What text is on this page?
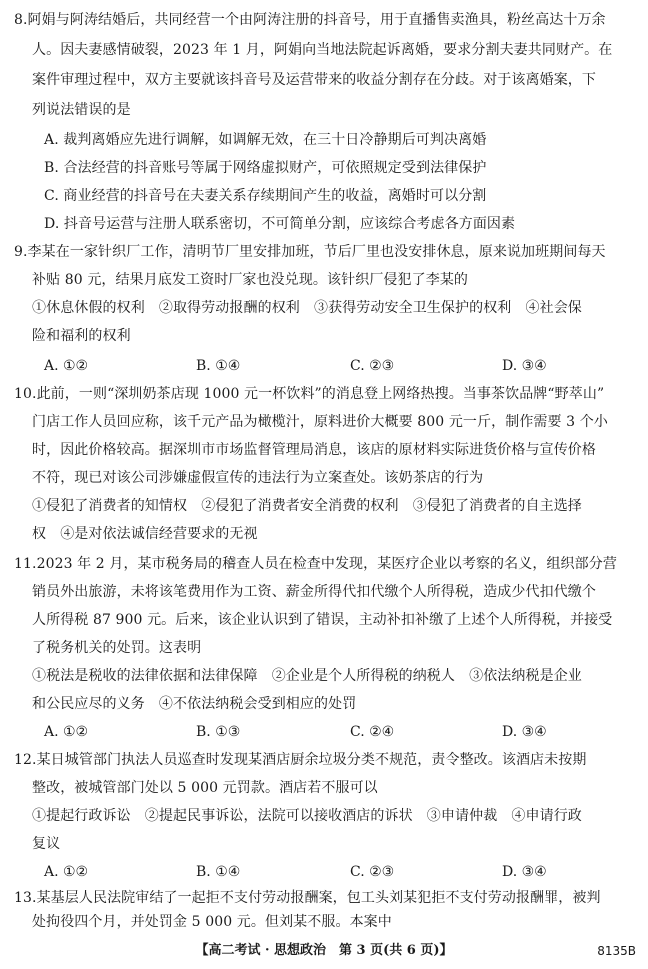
8.阿娟与阿涛结婚后，共同经营一个由阿涛注册的抖音号，用于直播售卖渔具，粉丝高达十万余
人。因夫妻感情破裂，2023 年 1 月，阿娟向当地法院起诉离婚，要求分割夫妻共同财产。在
案件审理过程中，双方主要就该抖音号及运营带来的收益分割存在分歧。对于该离婚案，下
列说法错误的是
A. 裁判离婚应先进行调解，如调解无效，在三十日冷静期后可判决离婚
B. 合法经营的抖音账号等属于网络虚拟财产，可依照规定受到法律保护
C. 商业经营的抖音号在夫妻关系存续期间产生的收益，离婚时可以分割
D. 抖音号运营与注册人联系密切，不可简单分割，应该综合考虑各方面因素
9.李某在一家针织厂工作，清明节厂里安排加班，节后厂里也没安排休息，原来说加班期间每天
补贴 80 元，结果月底发工资时厂家也没兑现。该针织厂侵犯了李某的
①休息休假的权利　②取得劳动报酬的权利　③获得劳动安全卫生保护的权利　④社会保
险和福利的权利
A. ①②	B. ①④	C. ②③	D. ③④
10.此前，一则“深圳奶茶店现 1000 元一杯饮料”的消息登上网络热搜。当事茶饮品牌“野萃山”
门店工作人员回应称，该千元产品为橄榄汁，原料进价大概要 800 元一斤，制作需要 3 个小
时，因此价格较高。据深圳市市场监督管理局消息，该店的原材料实际进货价格与宣传价格
不符，现已对该公司涉嫌虚假宣传的违法行为立案查处。该奶茶店的行为
①侵犯了消费者的知情权　②侵犯了消费者安全消费的权利　③侵犯了消费者的自主选择
权　④是对依法诚信经营要求的无视
11.2023 年 2 月，某市税务局的稽查人员在检查中发现，某医疗企业以考察的名义，组织部分营
销员外出旅游，未将该笔费用作为工资、薪金所得代扣代缴个人所得税，造成少代扣代缴个
人所得税 87 900 元。后来，该企业认识到了错误，主动补扣补缴了上述个人所得税，并接受
了税务机关的处罚。这表明
①税法是税收的法律依据和法律保障　②企业是个人所得税的纳税人　③依法纳税是企业
和公民应尽的义务　④不依法纳税会受到相应的处罚
A. ①②	B. ①③	C. ②④	D. ③④
12.某日城管部门执法人员巡查时发现某酒店厨余垃圾分类不规范，责令整改。该酒店未按期
整改，被城管部门处以 5 000 元罚款。酒店若不服可以
①提起行政诉讼　②提起民事诉讼，法院可以接收酒店的诉状　③申请仲裁　④申请行政
复议
A. ①②	B. ①④	C. ②③	D. ③④
13.某基层人民法院审结了一起拒不支付劳动报酬案，包工头刘某犯拒不支付劳动报酬罪，被判
处拘役四个月，并处罚金 5 000 元。但刘某不服。本案中
【高二考试 · 思想政治　第 3 页(共 6 页)】	8135B
